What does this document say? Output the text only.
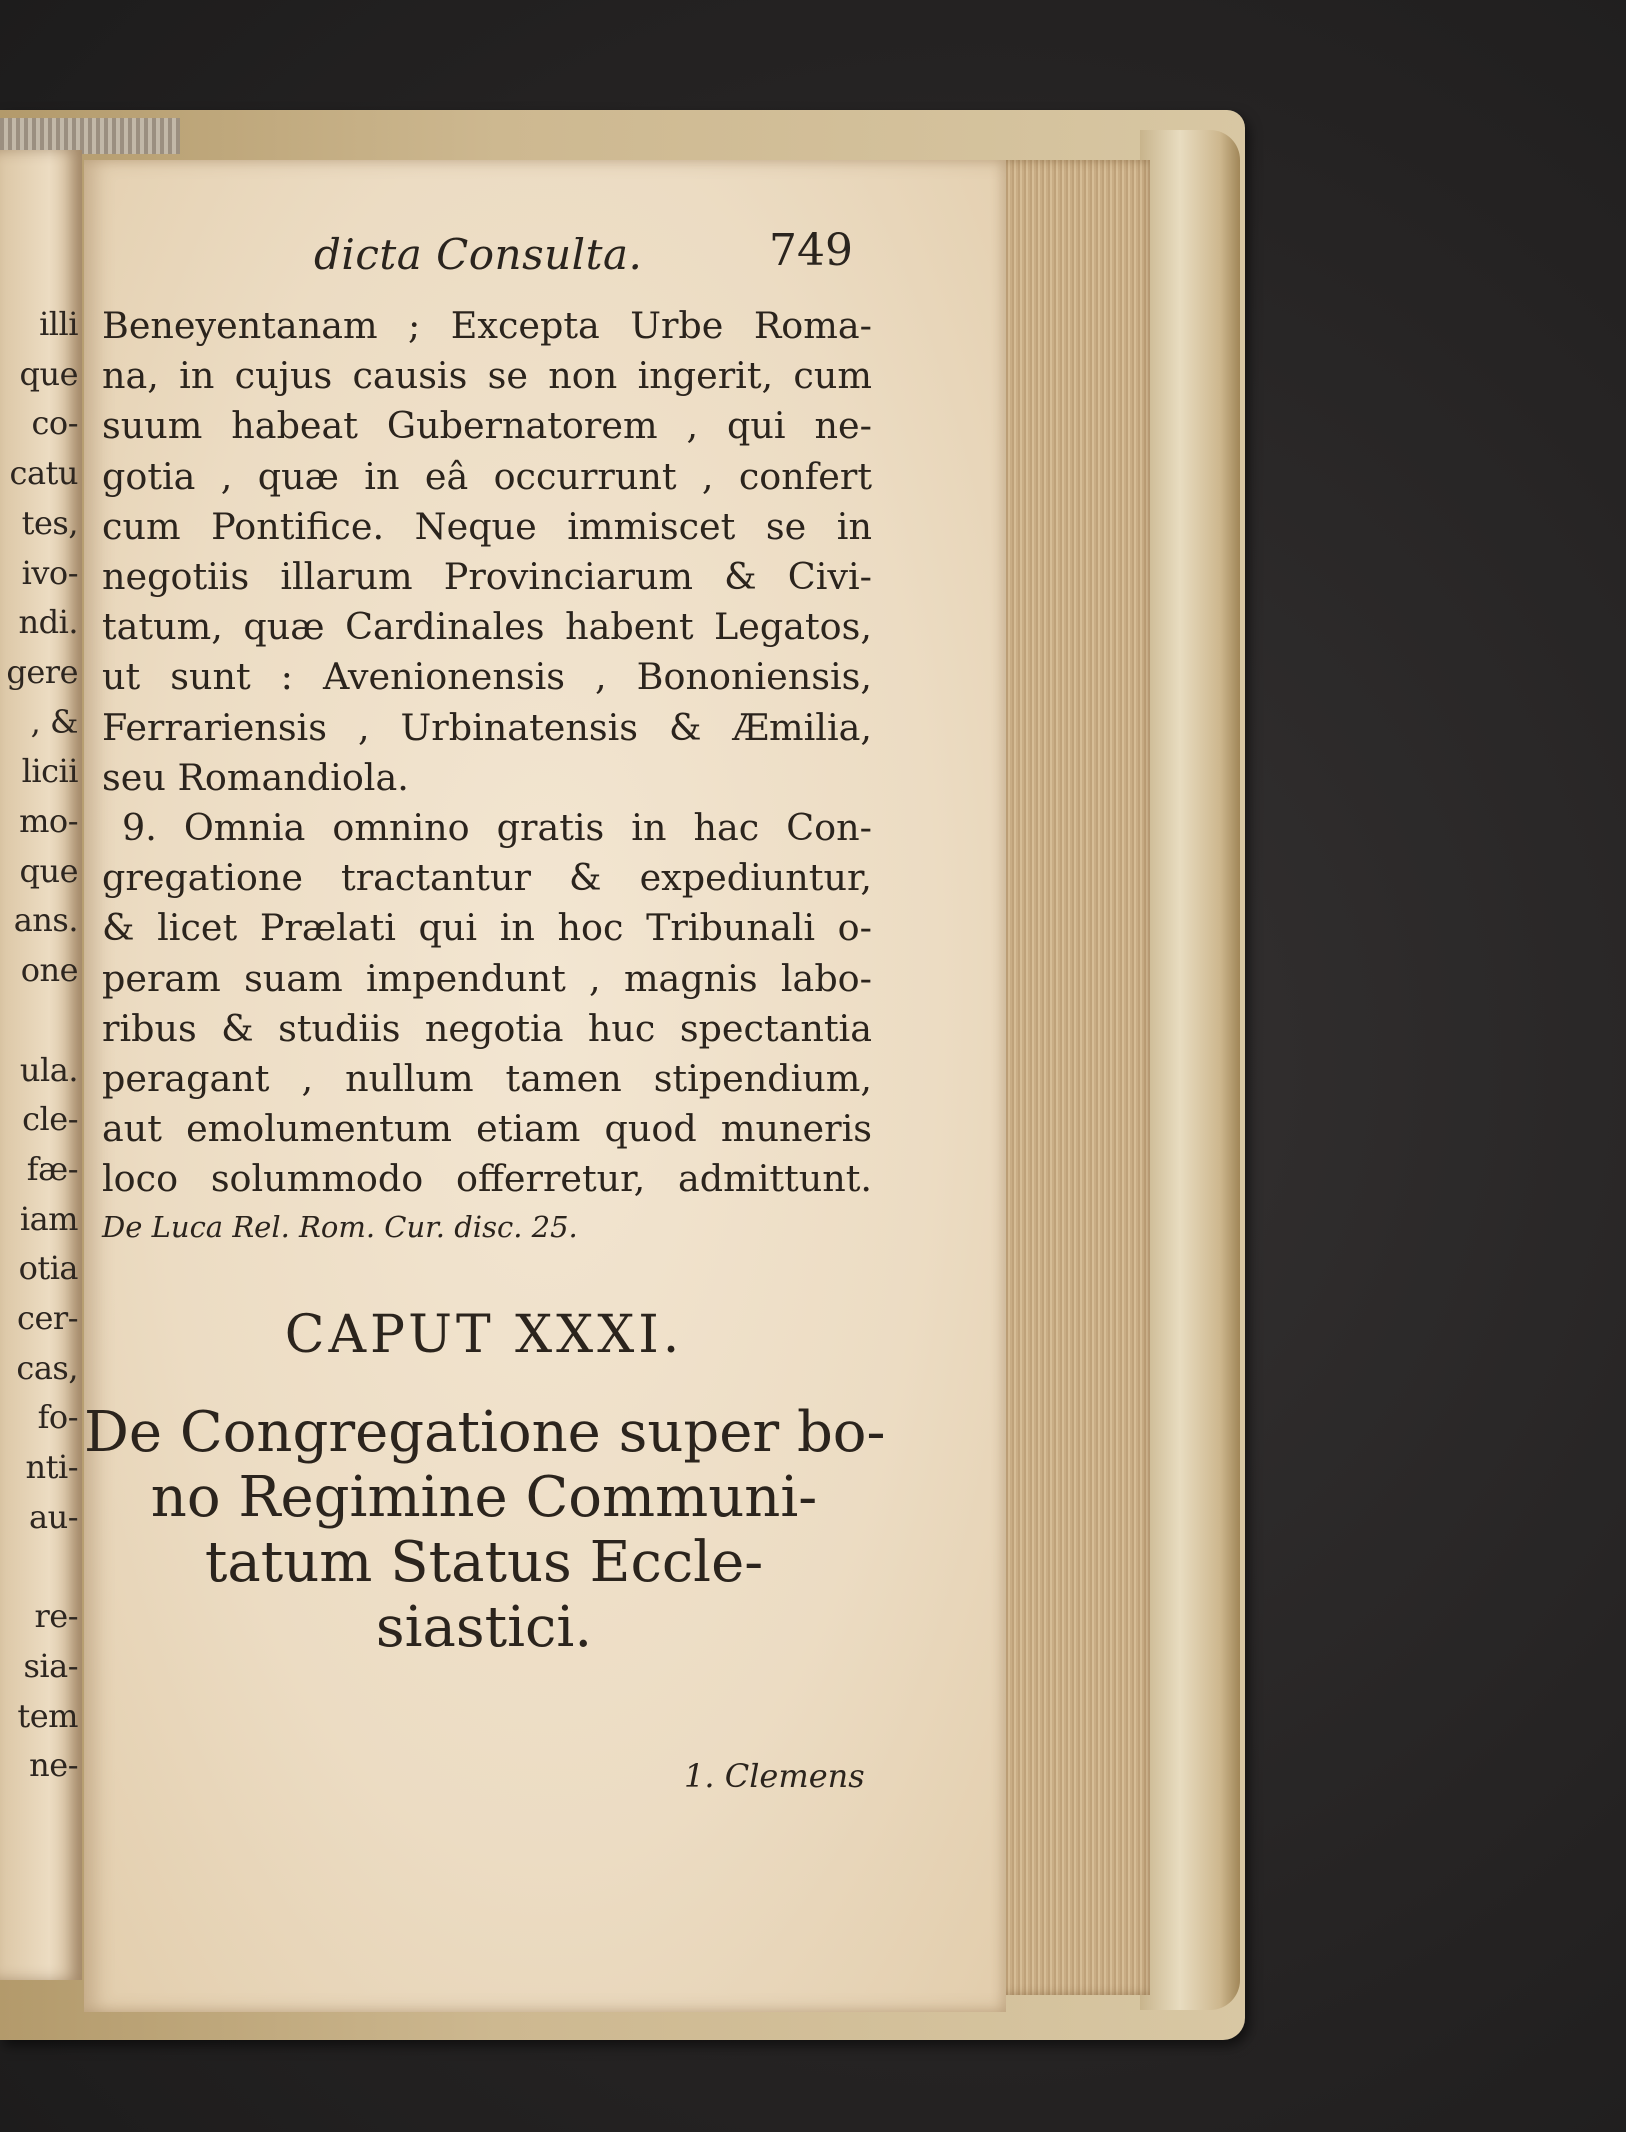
illi
que
co-
catu
tes,
ivo-
ndi.
gere
, &
licii
mo-
que
ans.
one
ula.
cle-
fæ-
iam
otia
cer-
cas,
fo-
nti-
au-
re-
sia-
tem
ne-
dicta Consulta.	749
Beneyentanam ; Excepta Urbe Roma-
na, in cujus causis se non ingerit, cum
suum habeat Gubernatorem , qui ne-
gotia , quæ in eâ occurrunt , confert
cum Pontifice. Neque immiscet se in
negotiis illarum Provinciarum & Civi-
tatum, quæ Cardinales habent Legatos,
ut sunt : Avenionensis , Bononiensis,
Ferrariensis , Urbinatensis & Æmilia,
seu Romandiola.
9. Omnia omnino gratis in hac Con-
gregatione tractantur & expediuntur,
& licet Prælati qui in hoc Tribunali o-
peram suam impendunt , magnis labo-
ribus & studiis negotia huc spectantia
peragant , nullum tamen stipendium,
aut emolumentum etiam quod muneris
loco solummodo offerretur, admittunt.
De Luca Rel. Rom. Cur. disc. 25.
CAPUT XXXI.
De Congregatione super bo-
no Regimine Communi-
tatum Status Eccle-
siastici.
1. Clemens
